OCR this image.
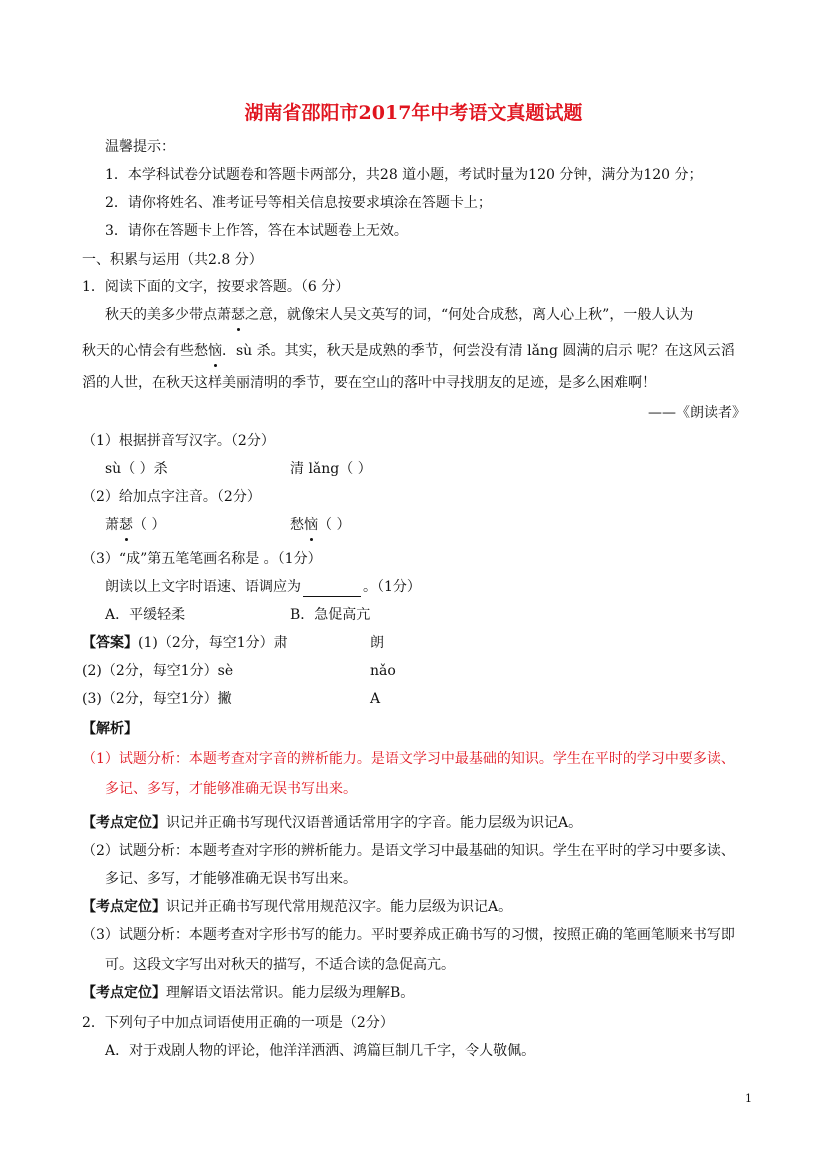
湖南省邵阳市2017年中考语文真题试题
温馨提示：
1．本学科试卷分试题卷和答题卡两部分，共28 道小题，考试时量为120 分钟，满分为120 分；
2．请你将姓名、准考证号等相关信息按要求填涂在答题卡上；
3．请你在答题卡上作答，答在本试题卷上无效。
一、积累与运用（共2.8 分）
1．阅读下面的文字，按要求答题。（6 分）
秋天的美多少带点萧瑟之意，就像宋人吴文英写的词，“何处合成愁，离人心上秋”，一般人认为
秋天的心情会有些愁恼．sù 杀。其实，秋天是成熟的季节，何尝没有清 lǎng 圆满的启示 呢？在这风云滔
滔的人世，在秋天这样美丽清明的季节，要在空山的落叶中寻找朋友的足迹，是多么困难啊！
——《朗读者》
（1）根据拼音写汉字。（2分）
sù（ ）杀	清 lǎng（ ）
（2）给加点字注音。（2分）
萧瑟（ ）	愁恼（ ）
（3）“成”第五笔笔画名称是 。（1分）
朗读以上文字时语速、语调应为	。（1分）
A．平缓轻柔	B．急促高亢
【答案】(1)（2分，每空1分）肃	朗
(2)（2分，每空1分）sè	nǎo
(3)（2分，每空1分）撇	A
【解析】
（1）试题分析：本题考查对字音的辨析能力。是语文学习中最基础的知识。学生在平时的学习中要多读、
多记、多写，才能够准确无误书写出来。
【考点定位】识记并正确书写现代汉语普通话常用字的字音。能力层级为识记A。
（2）试题分析：本题考查对字形的辨析能力。是语文学习中最基础的知识。学生在平时的学习中要多读、
多记、多写，才能够准确无误书写出来。
【考点定位】识记并正确书写现代常用规范汉字。能力层级为识记A。
（3）试题分析：本题考查对字形书写的能力。平时要养成正确书写的习惯，按照正确的笔画笔顺来书写即
可。这段文字写出对秋天的描写，不适合读的急促高亢。
【考点定位】理解语文语法常识。能力层级为理解B。
2．下列句子中加点词语使用正确的一项是（2分）
A．对于戏剧人物的评论，他洋洋洒洒、鸿篇巨制几千字，令人敬佩。
1
